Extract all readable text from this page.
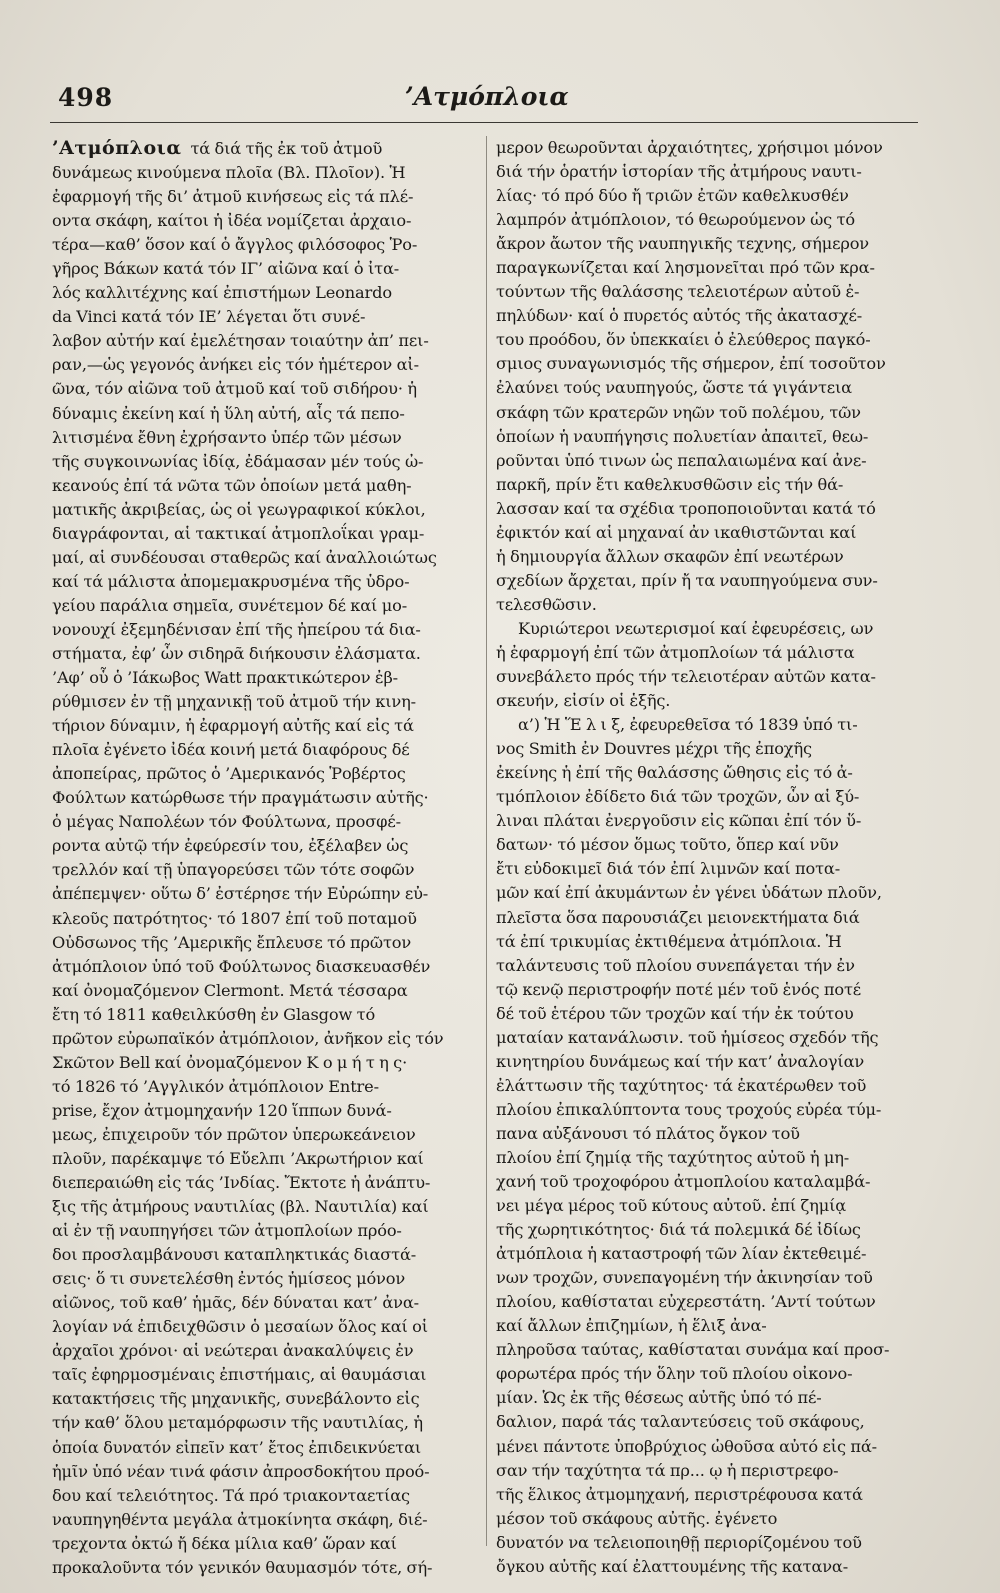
498	’Ατμόπλοια
’Ατμόπλοια τά διά τῆς ἐκ τοῦ ἀτμοῦ
δυνάμεως κινούμενα πλοῖα (Βλ. Πλοῖον). Ἡ
ἐφαρμογή τῆς δι’ ἀτμοῦ κινήσεως εἰς τά πλέ-
οντα σκάφη, καίτοι ἡ ἰδέα νομίζεται ἀρχαιο-
τέρα—καθ’ ὅσον καί ὁ ἄγγλος φιλόσοφος Ῥο-
γῆρος Βάκων κατά τόν ΙΓ’ αἰῶνα καί ὁ ἰτα-
λός καλλιτέχνης καί ἐπιστήμων Leonardo
da Vinci κατά τόν ΙΕ’ λέγεται ὅτι συνέ-
λαβον αὐτήν καί ἐμελέτησαν τοιαύτην ἀπ’ πει-
ραν,—ὡς γεγονός ἀνήκει εἰς τόν ἡμέτερον αἰ-
ῶνα, τόν αἰῶνα τοῦ ἀτμοῦ καί τοῦ σιδήρου· ἡ
δύναμις ἐκείνη καί ἡ ὕλη αὐτή, αἷς τά πεπο-
λιτισμένα ἔθνη ἐχρήσαντο ὑπέρ τῶν μέσων
τῆς συγκοινωνίας ἰδίᾳ, ἐδάμασαν μέν τούς ὠ-
κεανούς ἐπί τά νῶτα τῶν ὁποίων μετά μαθη-
ματικῆς ἀκριβείας, ὡς οἱ γεωγραφικοί κύκλοι,
διαγράφονται, αἱ τακτικαί ἀτμοπλοΐκαι γραμ-
μαί, αἱ συνδέουσαι σταθερῶς καί ἀναλλοιώτως
καί τά μάλιστα ἀπομεμακρυσμένα τῆς ὑδρο-
γείου παράλια σημεῖα, συνέτεμον δέ καί μο-
νονουχί ἐξεμηδένισαν ἐπί τῆς ἠπείρου τά δια-
στήματα, ἐφ’ ὧν σιδηρᾶ διήκουσιν ἐλάσματα.
’Αφ’ οὗ ὁ ’Ιάκωβος Watt πρακτικώτερον ἐβ-
ρύθμισεν ἐν τῇ μηχανικῇ τοῦ ἀτμοῦ τήν κινη-
τήριον δύναμιν, ἡ ἐφαρμογή αὐτῆς καί εἰς τά
πλοῖα ἐγένετο ἰδέα κοινή μετά διαφόρους δέ
ἀποπείρας, πρῶτος ὁ ’Αμερικανός Ῥοβέρτος
Φούλτων κατώρθωσε τήν πραγμάτωσιν αὐτῆς·
ὁ μέγας Ναπολέων τόν Φούλτωνα, προσφέ-
ροντα αὐτῷ τήν ἐφεύρεσίν του, ἐξέλαβεν ὡς
τρελλόν καί τῇ ὑπαγορεύσει τῶν τότε σοφῶν
ἀπέπεμψεν· οὕτω δ’ ἐστέρησε τήν Εὐρώπην εὐ-
κλεοῦς πατρότητος· τό 1807 ἐπί τοῦ ποταμοῦ
Οὐδσωνος τῆς ’Αμερικῆς ἔπλευσε τό πρῶτον
ἀτμόπλοιον ὑπό τοῦ Φούλτωνος διασκευασθέν
καί ὀνομαζόμενον Clermont. Μετά τέσσαρα
ἔτη τό 1811 καθειλκύσθη ἐν Glasgow τό
πρῶτον εὐρωπαϊκόν ἀτμόπλοιον, ἀνῆκον εἰς τόν
Σκῶτον Bell καί ὀνομαζόμενον Κ ο μ ή τ η ς·
τό 1826 τό ’Αγγλικόν ἀτμόπλοιον Entre-
prise, ἔχον ἀτμομηχανήν 120 ἵππων δυνά-
μεως, ἐπιχειροῦν τόν πρῶτον ὑπερωκεάνειον
πλοῦν, παρέκαμψε τό Εὔελπι ’Ακρωτήριον καί
διεπεραιώθη εἰς τάς ’Ινδίας. Ἔκτοτε ἡ ἀνάπτυ-
ξις τῆς ἀτμήρους ναυτιλίας (βλ. Ναυτιλία) καί
αἱ ἐν τῇ ναυπηγήσει τῶν ἀτμοπλοίων πρόο-
δοι προσλαμβάνουσι καταπληκτικάς διαστά-
σεις· ὅ τι συνετελέσθη ἐντός ἡμίσεος μόνον
αἰῶνος, τοῦ καθ’ ἡμᾶς, δέν δύναται κατ’ ἀνα-
λογίαν νά ἐπιδειχθῶσιν ὁ μεσαίων ὅλος καί οἱ
ἀρχαῖοι χρόνοι· αἱ νεώτεραι ἀνακαλύψεις ἐν
ταῖς ἐφηρμοσμέναις ἐπιστήμαις, αἱ θαυμάσιαι
κατακτήσεις τῆς μηχανικῆς, συνεβάλοντο εἰς
τήν καθ’ ὅλου μεταμόρφωσιν τῆς ναυτιλίας, ἡ
ὁποία δυνατόν εἰπεῖν κατ’ ἔτος ἐπιδεικνύεται
ἡμῖν ὑπό νέαν τινά φάσιν ἀπροσδοκήτου προό-
δου καί τελειότητος. Τά πρό τριακονταετίας
ναυπηγηθέντα μεγάλα ἀτμοκίνητα σκάφη, διέ-
τρεχοντα ὀκτώ ἤ δέκα μίλια καθ’ ὥραν καί
προκαλοῦντα τόν γενικόν θαυμασμόν τότε, σή-
μερον θεωροῦνται ἀρχαιότητες, χρήσιμοι μόνον
διά τήν ὁρατήν ἱστορίαν τῆς ἀτμήρους ναυτι-
λίας· τό πρό δύο ἤ τριῶν ἐτῶν καθελκυσθέν
λαμπρόν ἀτμόπλοιον, τό θεωρούμενον ὡς τό
ἄκρον ἄωτον τῆς ναυπηγικῆς τεχνης, σήμερον
παραγκωνίζεται καί λησμονεῖται πρό τῶν κρα-
τούντων τῆς θαλάσσης τελειοτέρων αὐτοῦ ἐ-
πηλύδων· καί ὁ πυρετός αὐτός τῆς ἀκατασχέ-
του προόδου, ὅν ὑπεκκαίει ὁ ἐλεύθερος παγκό-
σμιος συναγωνισμός τῆς σήμερον, ἐπί τοσοῦτον
ἐλαύνει τούς ναυπηγούς, ὥστε τά γιγάντεια
σκάφη τῶν κρατερῶν νηῶν τοῦ πολέμου, τῶν
ὁποίων ἡ ναυπήγησις πολυετίαν ἀπαιτεῖ, θεω-
ροῦνται ὑπό τινων ὡς πεπαλαιωμένα καί ἀνε-
παρκῆ, πρίν ἔτι καθελκυσθῶσιν εἰς τήν θά-
λασσαν καί τα σχέδια τροποποιοῦνται κατά τό
ἐφικτόν καί αἱ μηχαναί ἀν ικαθιστῶνται καί
ἡ δημιουργία ἄλλων σκαφῶν ἐπί νεωτέρων
σχεδίων ἄρχεται, πρίν ἤ τα ναυπηγούμενα συν-
τελεσθῶσιν.
Κυριώτεροι νεωτερισμοί καί ἐφευρέσεις, ων
ἡ ἐφαρμογή ἐπί τῶν ἀτμοπλοίων τά μάλιστα
συνεβάλετο πρός τήν τελειοτέραν αὐτῶν κατα-
σκευήν, εἰσίν οἱ ἑξῆς.
α’) Ἡ Ἕ λ ι ξ, ἐφευρεθεῖσα τό 1839 ὑπό τι-
νος Smith ἐν Douvres μέχρι τῆς ἐποχῆς
ἐκείνης ἡ ἐπί τῆς θαλάσσης ὤθησις εἰς τό ἀ-
τμόπλοιον ἐδίδετο διά τῶν τροχῶν, ὧν αἱ ξύ-
λιναι πλάται ἐνεργοῦσιν εἰς κῶπαι ἐπί τόν ὕ-
δατων· τό μέσον ὅμως τοῦτο, ὅπερ καί νῦν
ἔτι εὐδοκιμεῖ διά τόν ἐπί λιμνῶν καί ποτα-
μῶν καί ἐπί ἀκυμάντων ἐν γένει ὑδάτων πλοῦν,
πλεῖστα ὅσα παρουσιάζει μειονεκτήματα διά
τά ἐπί τρικυμίας ἐκτιθέμενα ἀτμόπλοια. Ἡ
ταλάντευσις τοῦ πλοίου συνεπάγεται τήν ἐν
τῷ κενῷ περιστροφήν ποτέ μέν τοῦ ἑνός ποτέ
δέ τοῦ ἑτέρου τῶν τροχῶν καί τήν ἐκ τούτου
ματαίαν κατανάλωσιν. τοῦ ἡμίσεος σχεδόν τῆς
κινητηρίου δυνάμεως καί τήν κατ’ ἀναλογίαν
ἐλάττωσιν τῆς ταχύτητος· τά ἑκατέρωθεν τοῦ
πλοίου ἐπικαλύπτοντα τους τροχούς εὐρέα τύμ-
πανα αὐξάνουσι τό πλάτος ὄγκον τοῦ
πλοίου ἐπί ζημίᾳ τῆς ταχύτητος αὐτοῦ ἡ μη-
χανή τοῦ τροχοφόρου ἀτμοπλοίου καταλαμβά-
νει μέγα μέρος τοῦ κύτους αὐτοῦ. ἐπί ζημίᾳ
τῆς χωρητικότητος· διά τά πολεμικά δέ ἰδίως
ἀτμόπλοια ἡ καταστροφή τῶν λίαν ἐκτεθειμέ-
νων τροχῶν, συνεπαγομένη τήν ἀκινησίαν τοῦ
πλοίου, καθίσταται εὐχερεστάτη. ’Αντί τούτων
καί ἄλλων ἐπιζημίων, ἡ ἕλιξ ἀνα-
πληροῦσα ταύτας, καθίσταται συνάμα καί προσ-
φορωτέρα πρός τήν ὅλην τοῦ πλοίου οἰκονο-
μίαν. Ὡς ἐκ τῆς θέσεως αὐτῆς ὑπό τό πέ-
δαλιον, παρά τάς ταλαντεύσεις τοῦ σκάφους,
μένει πάντοτε ὑποβρύχιος ὠθοῦσα αὐτό εἰς πά-
σαν τήν ταχύτητα τά πρ... ῳ ἡ περιστρεφο-
τῆς ἕλικος ἀτμομηχανή, περιστρέφουσα κατά
μέσον τοῦ σκάφους αὐτῆς. ἐγένετο
δυνατόν να τελειοποιηθῇ περιορίζομένου τοῦ
ὄγκου αὐτῆς καί ἐλαττουμένης τῆς κατανα-
